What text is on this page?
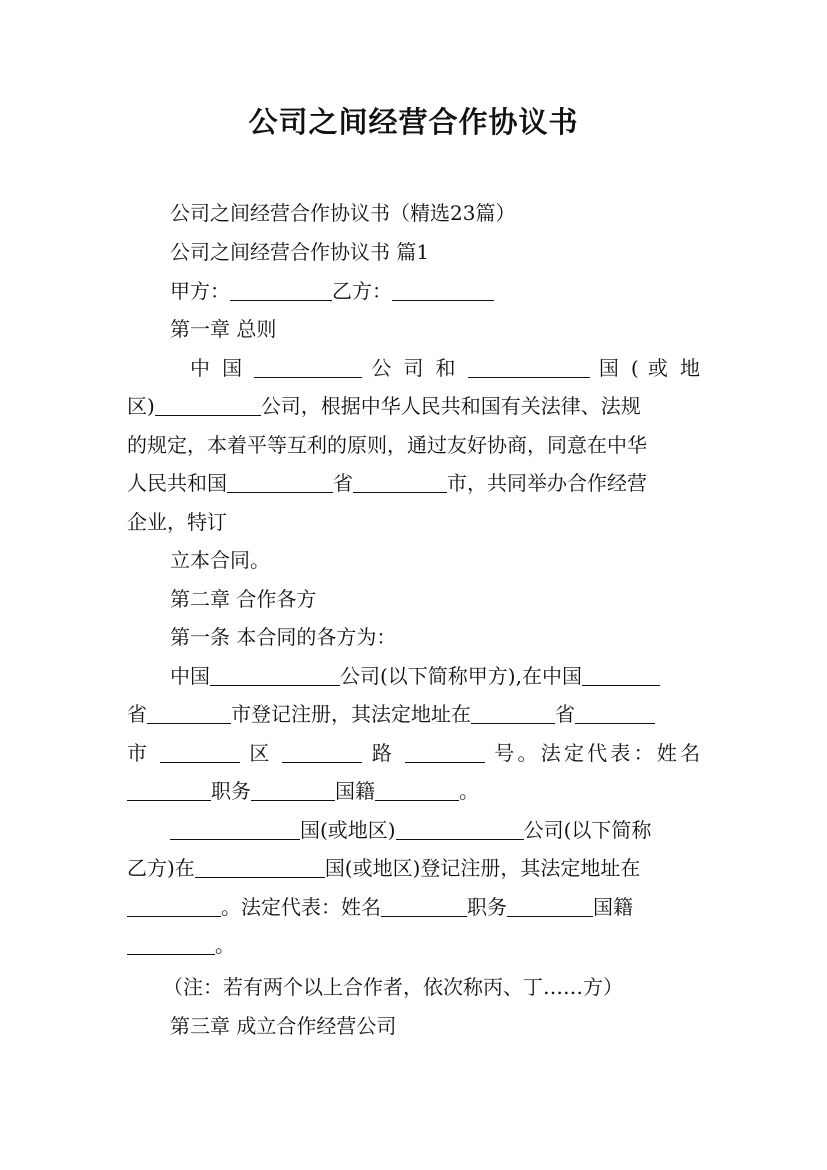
公司之间经营合作协议书
公司之间经营合作协议书（精选23篇）
公司之间经营合作协议书 篇1
甲方：	乙方：
第一章 总则
中 国	公 司 和	国 ( 或 地
区)	公司，根据中华人民共和国有关法律、法规
的规定，本着平等互利的原则，通过友好协商，同意在中华
人民共和国	省	市，共同举办合作经营
企业，特订
立本合同。
第二章 合作各方
第一条 本合同的各方为：
中国	公司(以下简称甲方),在中国
省	市登记注册，其法定地址在	省
市	区	路	号。法定代表：姓名
职务	国籍	。
国(或地区)	公司(以下简称
乙方)在	国(或地区)登记注册，其法定地址在
。法定代表：姓名	职务	国籍
。
（注：若有两个以上合作者，依次称丙、丁……方）
第三章 成立合作经营公司
